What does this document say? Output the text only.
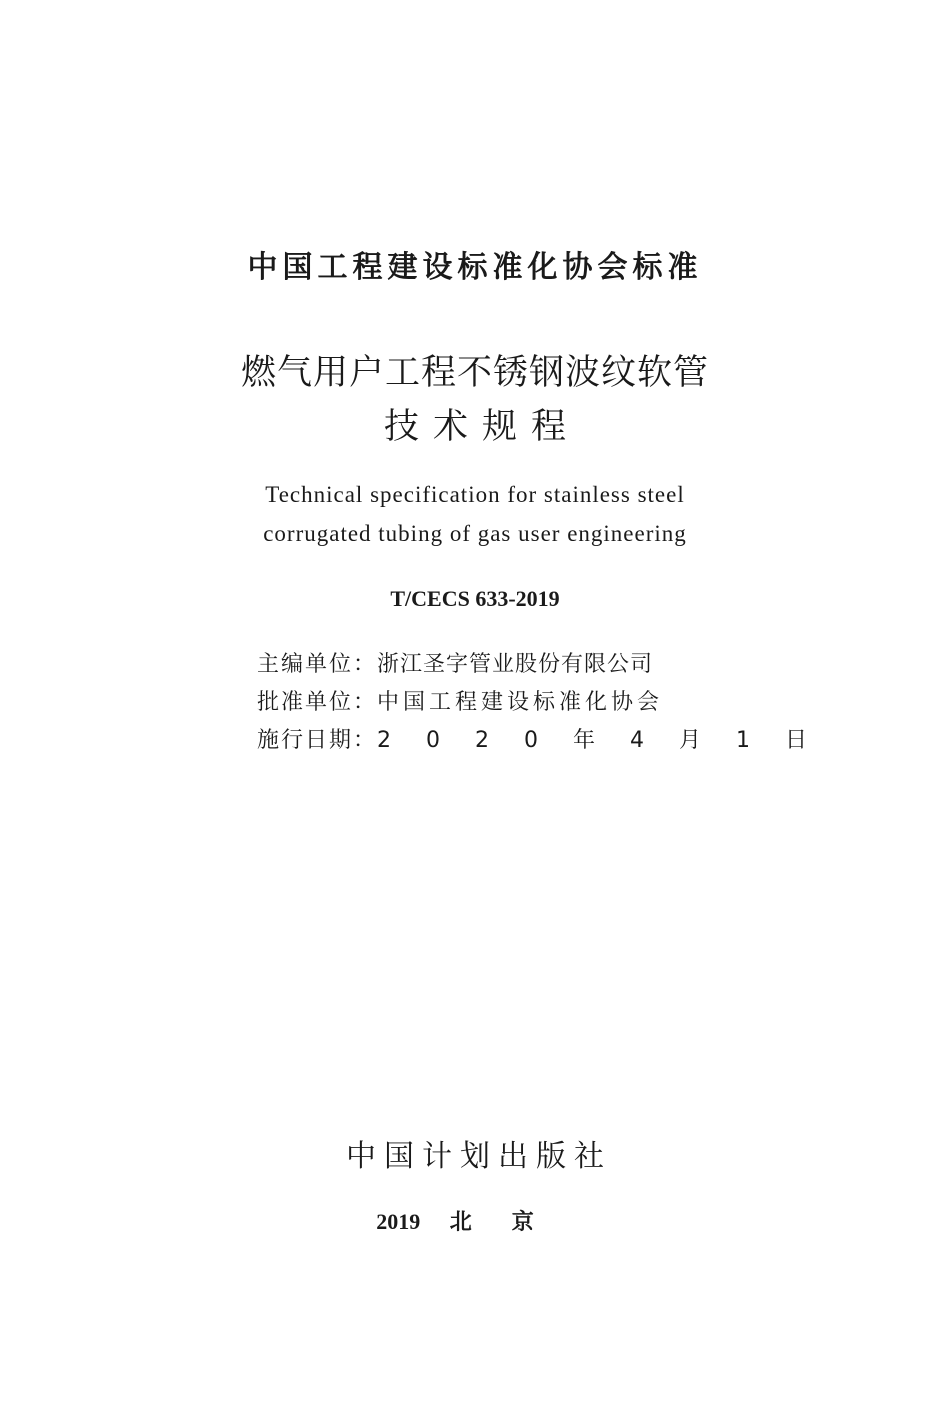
中国工程建设标准化协会标准
燃气用户工程不锈钢波纹软管
技术规程
Technical specification for stainless steel
corrugated tubing of gas user engineering
T/CECS 633-2019
主编单位： 浙江圣字管业股份有限公司
批准单位： 中国工程建设标准化协会
施行日期： 2 0 2 0 年 4 月 1 日
中国计划出版社
2019 北京
